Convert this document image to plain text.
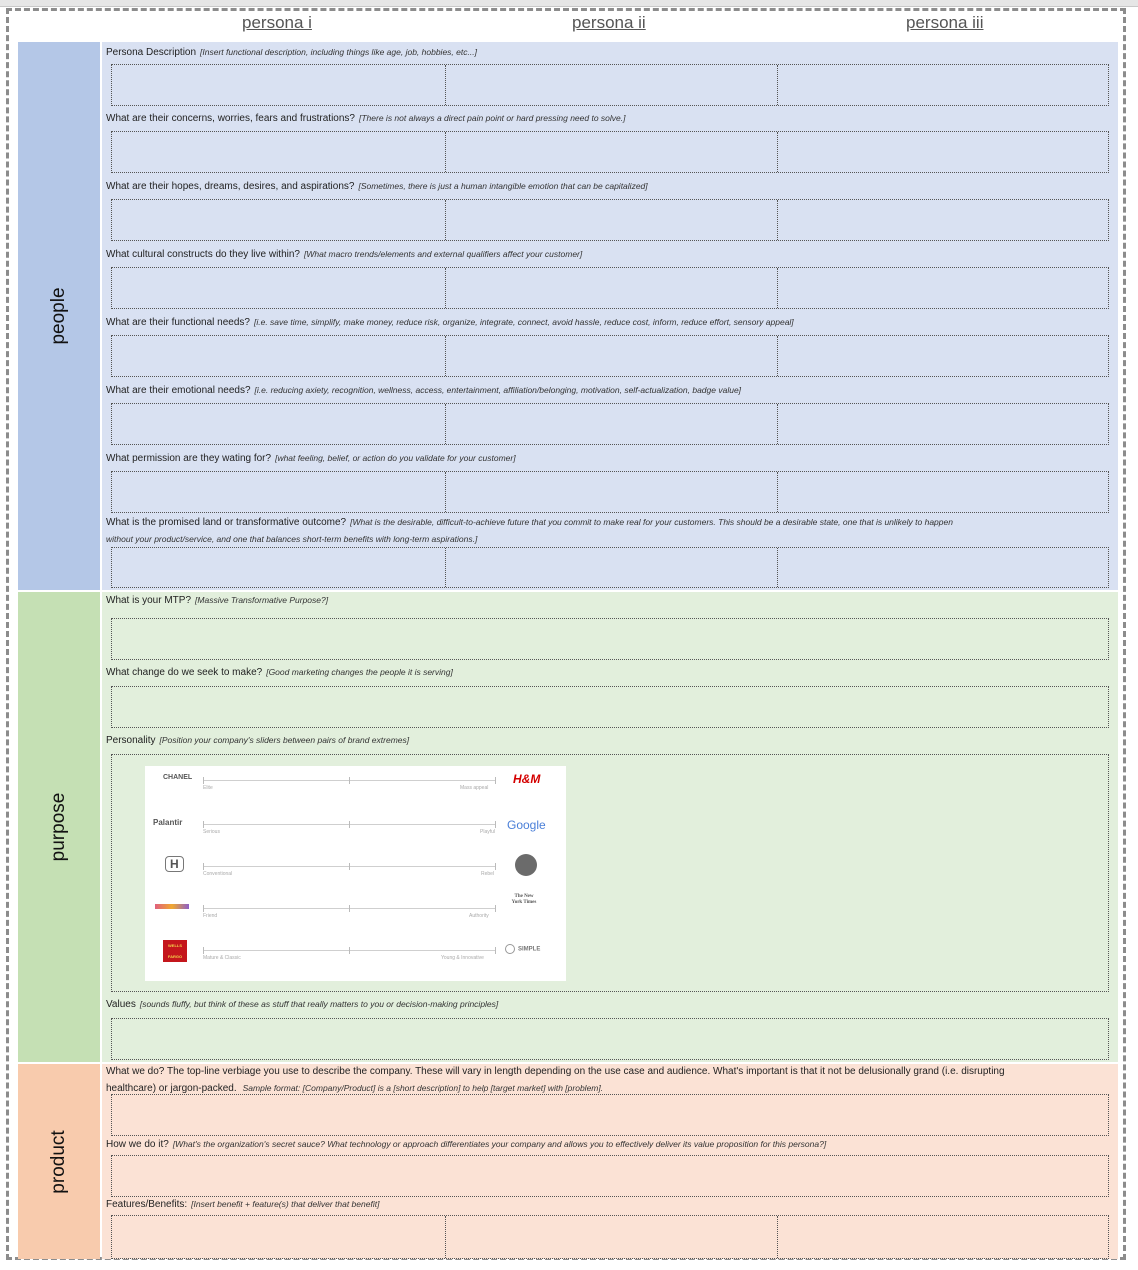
persona i	persona ii	persona iii
people
purpose
product
Persona Description [Insert functional description, including things like age, job, hobbies, etc...]
What are their concerns, worries, fears and frustrations? [There is not always a direct pain point or hard pressing need to solve.]
What are their hopes, dreams, desires, and aspirations? [Sometimes, there is just a human intangible emotion that can be capitalized]
What cultural constructs do they live within? [What macro trends/elements and external qualifiers affect your customer]
What are their functional needs? [i.e. save time, simplify, make money, reduce risk, organize, integrate, connect, avoid hassle, reduce cost, inform, reduce effort, sensory appeal]
What are their emotional needs? [i.e. reducing axiety, recognition, wellness, access, entertainment, affiliation/belonging, motivation, self-actualization, badge value]
What permission are they wating for? [what feeling, belief, or action do you validate for your customer]
What is the promised land or transformative outcome? [What is the desirable, difficult-to-achieve future that you commit to make real for your customers. This should be a desirable state, one that is unlikely to happen
without your product/service, and one that balances short-term benefits with long-term aspirations.]
What is your MTP? [Massive Transformative Purpose?]
What change do we seek to make? [Good marketing changes the people it is serving]
Personality [Position your company's sliders between pairs of brand extremes]
CHANEL
Elite	Mass appeal
H&M
Palantir
Serious	Playful Google
H
Conventional	Rebel
Friend	Authority
The New York Times
WELLS FARGO	Mature & Classic	Young & Innovative
SIMPLE
Values [sounds fluffy, but think of these as stuff that really matters to you or decision-making principles]
What we do? The top-line verbiage you use to describe the company. These will vary in length depending on the use case and audience. What's important is that it not be delusionally grand (i.e. disrupting
healthcare) or jargon-packed. Sample format: [Company/Product] is a [short description] to help [target market] with [problem].
How we do it? [What's the organization's secret sauce? What technology or approach differentiates your company and allows you to effectively deliver its value proposition for this persona?]
Features/Benefits: [Insert benefit + feature(s) that deliver that benefit]
